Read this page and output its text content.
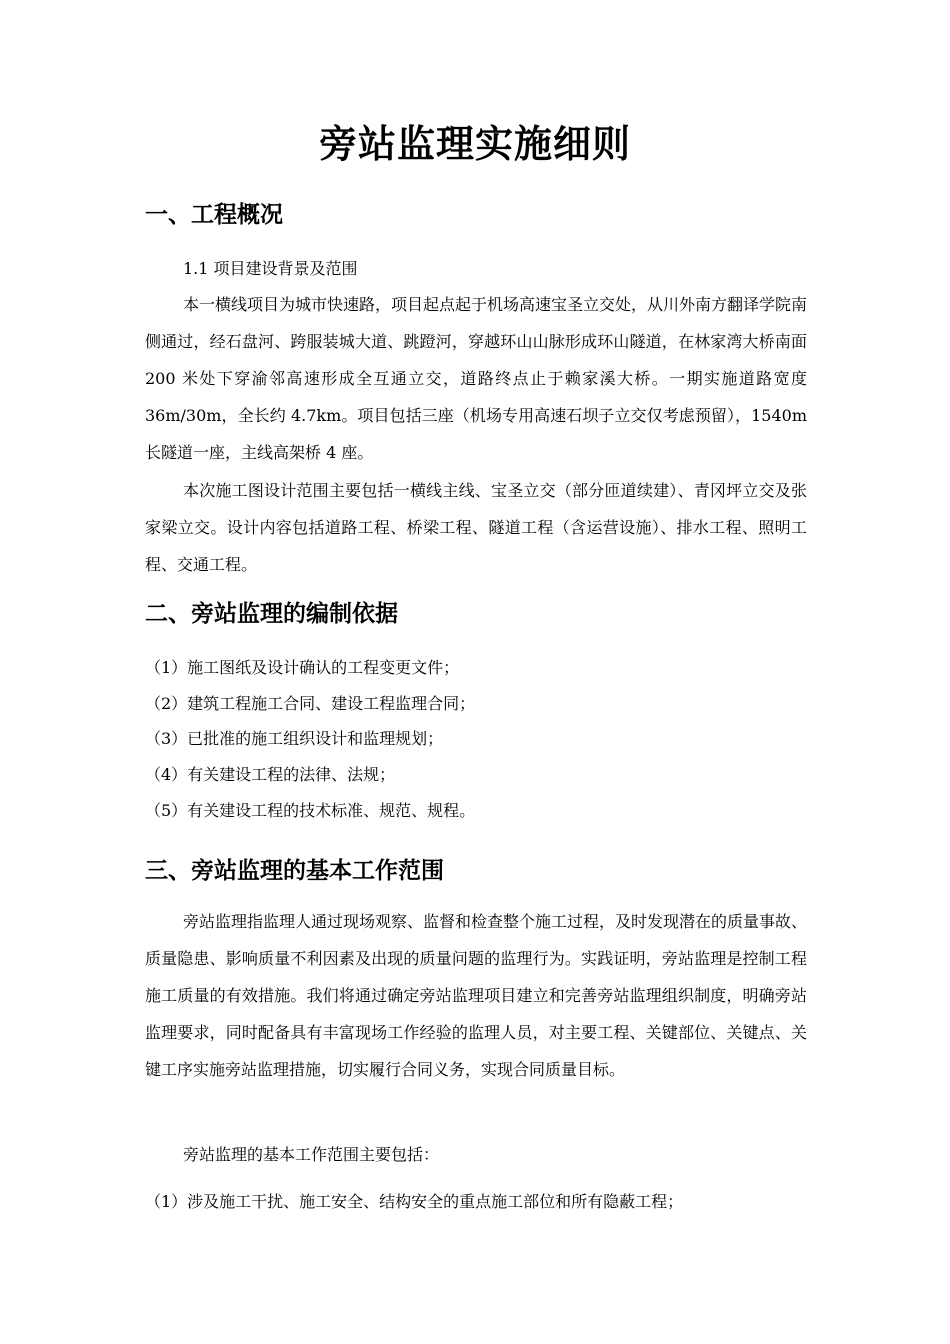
旁站监理实施细则
一、工程概况
1.1 项目建设背景及范围

本一横线项目为城市快速路，项目起点起于机场高速宝圣立交处，从川外南方翻译学院南侧通过，经石盘河、跨服装城大道、跳蹬河，穿越环山山脉形成环山隧道，在林家湾大桥南面 200 米处下穿渝邻高速形成全互通立交，道路终点止于赖家溪大桥。一期实施道路宽度 36m/30m，全长约 4.7km。项目包括三座（机场专用高速石坝子立交仅考虑预留），1540m 长隧道一座，主线高架桥 4 座。

本次施工图设计范围主要包括一横线主线、宝圣立交（部分匝道续建）、青冈坪立交及张家梁立交。设计内容包括道路工程、桥梁工程、隧道工程（含运营设施）、排水工程、照明工程、交通工程。

二、旁站监理的编制依据
（1）施工图纸及设计确认的工程变更文件；
（2）建筑工程施工合同、建设工程监理合同；
（3）已批准的施工组织设计和监理规划；
（4）有关建设工程的法律、法规；
（5）有关建设工程的技术标准、规范、规程。
三、旁站监理的基本工作范围

旁站监理指监理人通过现场观察、监督和检查整个施工过程，及时发现潜在的质量事故、质量隐患、影响质量不利因素及出现的质量问题的监理行为。实践证明，旁站监理是控制工程施工质量的有效措施。我们将通过确定旁站监理项目建立和完善旁站监理组织制度，明确旁站监理要求，同时配备具有丰富现场工作经验的监理人员，对主要工程、关键部位、关键点、关键工序实施旁站监理措施，切实履行合同义务，实现合同质量目标。

旁站监理的基本工作范围主要包括：

（1）涉及施工干扰、施工安全、结构安全的重点施工部位和所有隐蔽工程；
